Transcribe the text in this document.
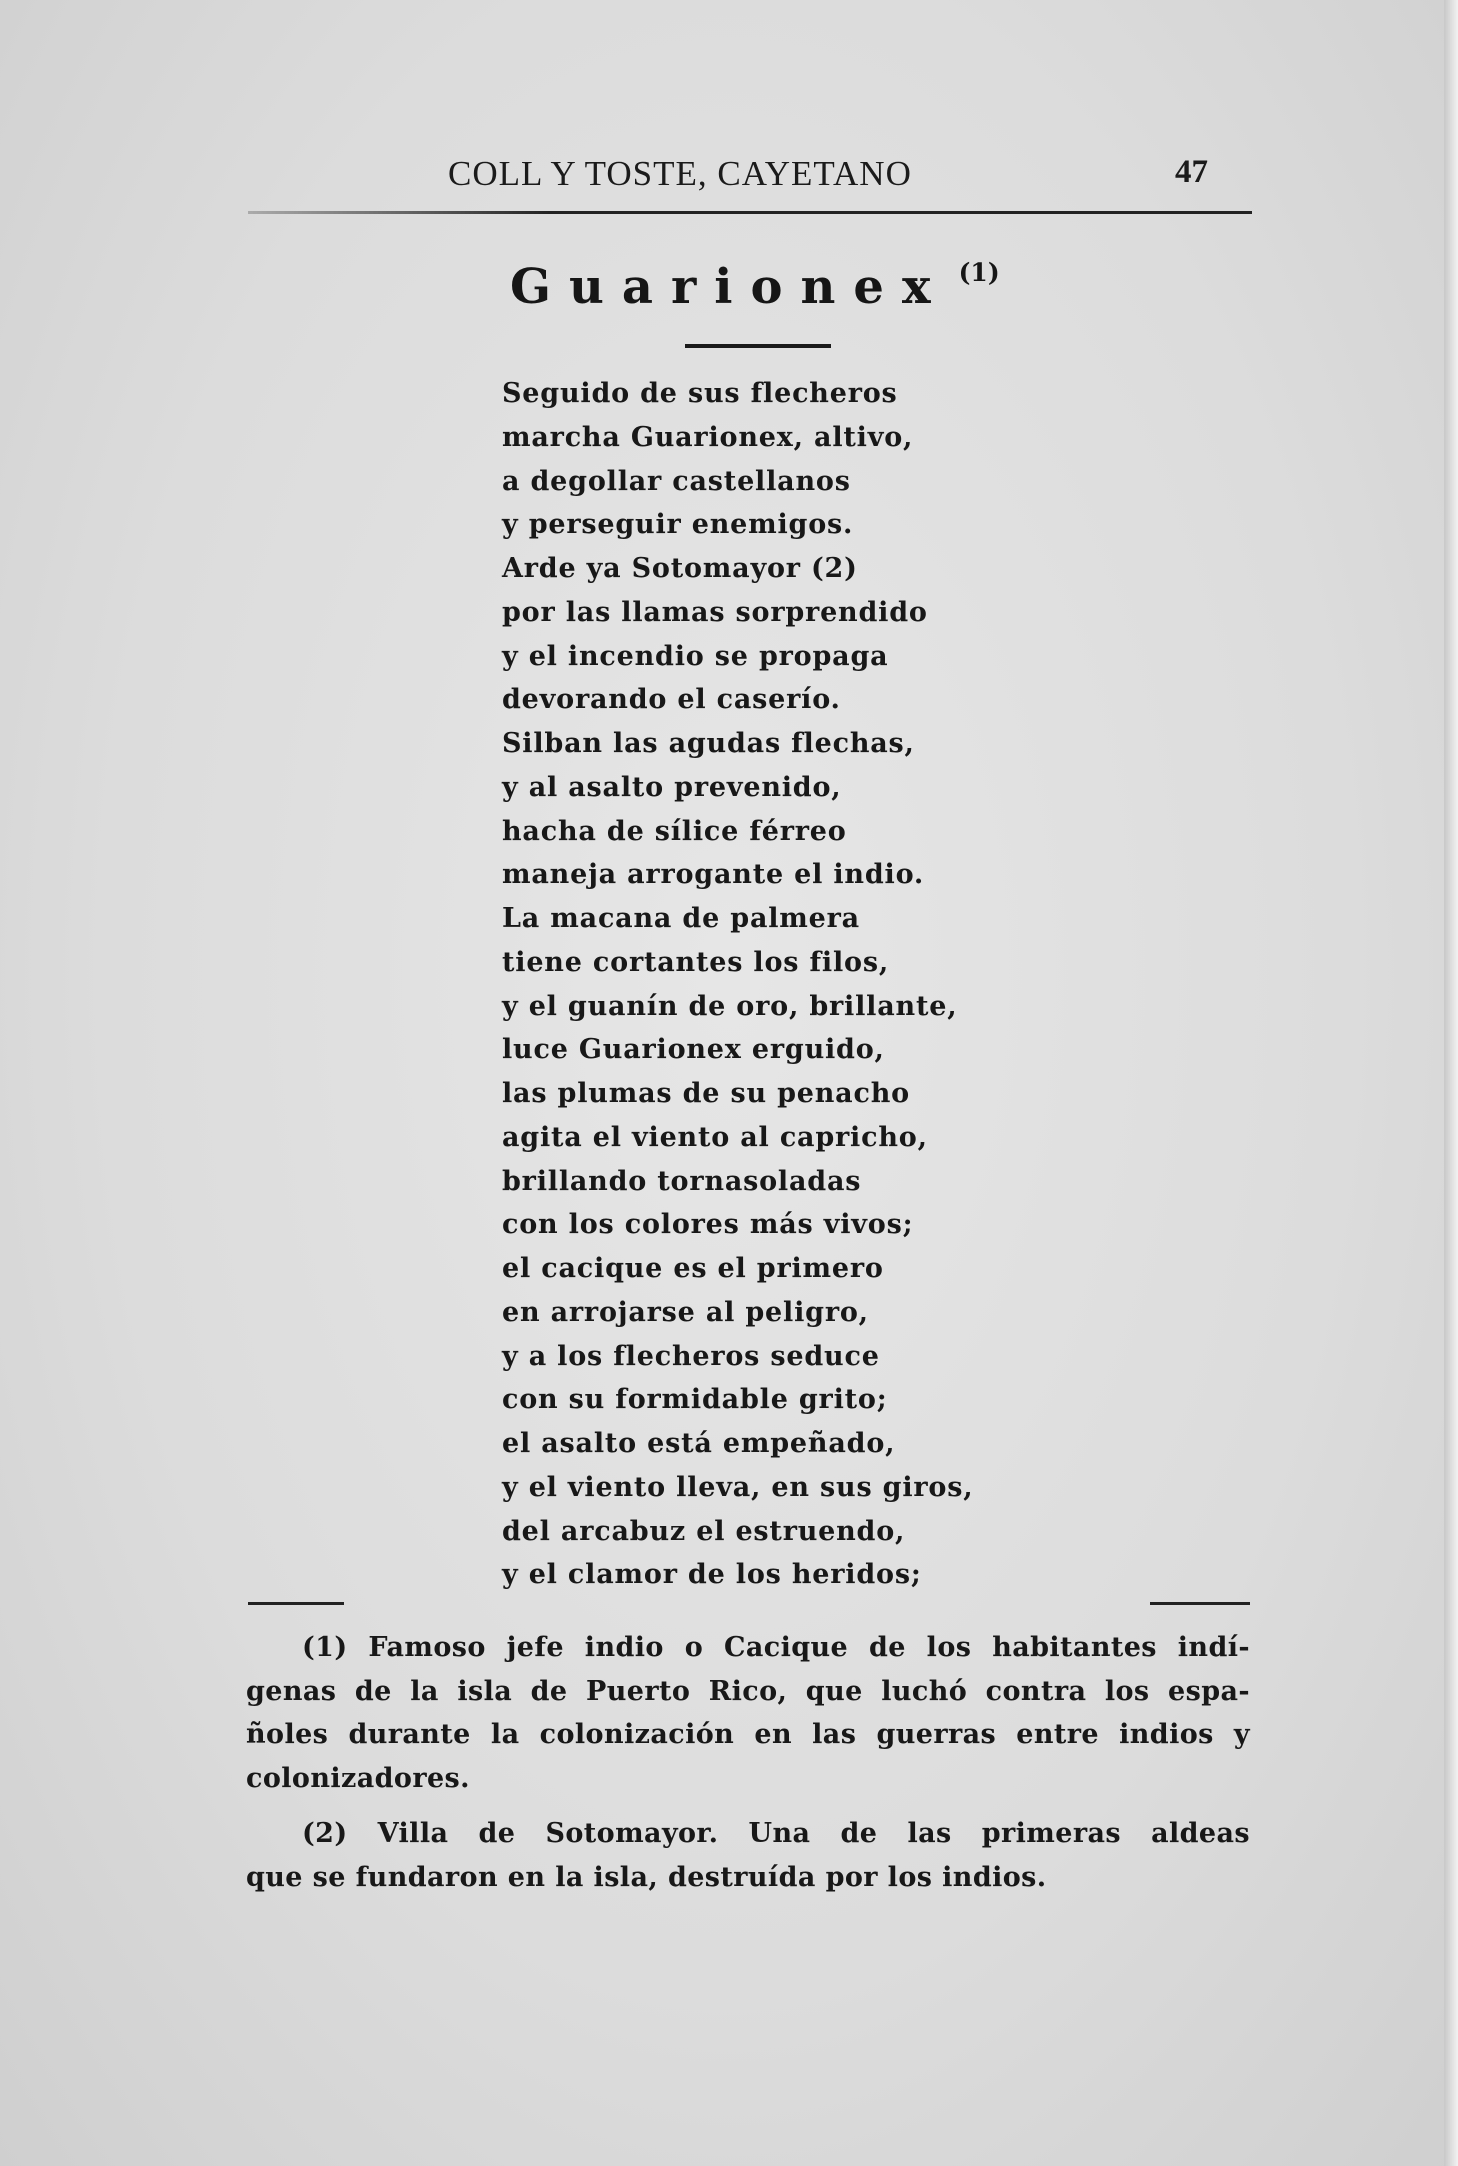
COLL Y TOSTE, CAYETANO	47
Guarionex $^{(1)}$
Seguido de sus flecheros
marcha Guarionex, altivo,
a degollar castellanos
y perseguir enemigos.
Arde ya Sotomayor (2)
por las llamas sorprendido
y el incendio se propaga
devorando el caserío.
Silban las agudas flechas,
y al asalto prevenido,
hacha de sílice férreo
maneja arrogante el indio.
La macana de palmera
tiene cortantes los filos,
y el guanín de oro, brillante,
luce Guarionex erguido,
las plumas de su penacho
agita el viento al capricho,
brillando tornasoladas
con los colores más vivos;
el cacique es el primero
en arrojarse al peligro,
y a los flecheros seduce
con su formidable grito;
el asalto está empeñado,
y el viento lleva, en sus giros,
del arcabuz el estruendo,
y el clamor de los heridos;
(1) Famoso jefe indio o Cacique de los habitantes indí-
genas de la isla de Puerto Rico, que luchó contra los espa-
ñoles durante la colonización en las guerras entre indios y
colonizadores.
(2) Villa de Sotomayor. Una de las primeras aldeas
que se fundaron en la isla, destruída por los indios.
